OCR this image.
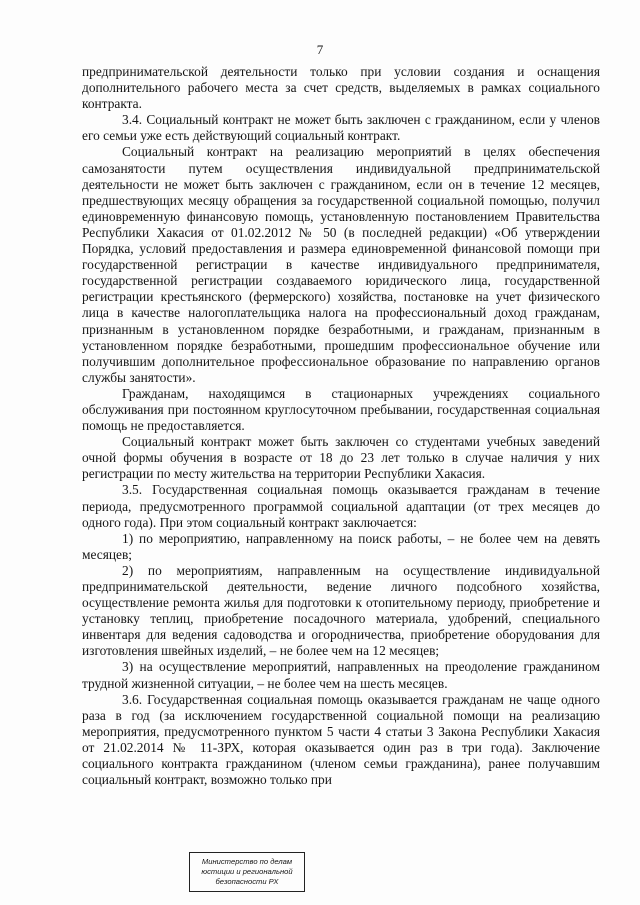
7

предпринимательской деятельности только при условии создания и оснащения дополнительного рабочего места за счет средств, выделяемых в рамках социального контракта.

3.4. Социальный контракт не может быть заключен с гражданином, если у членов его семьи уже есть действующий социальный контракт.

Социальный контракт на реализацию мероприятий в целях обеспечения самозанятости путем осуществления индивидуальной предпринимательской деятельности не может быть заключен с гражданином, если он в течение 12 месяцев, предшествующих месяцу обращения за государственной социальной помощью, получил единовременную финансовую помощь, установленную постановлением Правительства Республики Хакасия от 01.02.2012 № 50 (в последней редакции) «Об утверждении Порядка, условий предоставления и размера единовременной финансовой помощи при государственной регистрации в качестве индивидуального предпринимателя, государственной регистрации создаваемого юридического лица, государственной регистрации крестьянского (фермерского) хозяйства, постановке на учет физического лица в качестве налогоплательщика налога на профессиональный доход гражданам, признанным в установленном порядке безработными, и гражданам, признанным в установленном порядке безработными, прошедшим профессиональное обучение или получившим дополнительное профессиональное образование по направлению органов службы занятости».

Гражданам, находящимся в стационарных учреждениях социального обслуживания при постоянном круглосуточном пребывании, государственная социальная помощь не предоставляется.

Социальный контракт может быть заключен со студентами учебных заведений очной формы обучения в возрасте от 18 до 23 лет только в случае наличия у них регистрации по месту жительства на территории Республики Хакасия.

3.5. Государственная социальная помощь оказывается гражданам в течение периода, предусмотренного программой социальной адаптации (от трех месяцев до одного года). При этом социальный контракт заключается:

1) по мероприятию, направленному на поиск работы, – не более чем на девять месяцев;

2) по мероприятиям, направленным на осуществление индивидуальной предпринимательской деятельности, ведение личного подсобного хозяйства, осуществление ремонта жилья для подготовки к отопительному периоду, приобретение и установку теплиц, приобретение посадочного материала, удобрений, специального инвентаря для ведения садоводства и огородничества, приобретение оборудования для изготовления швейных изделий, – не более чем на 12 месяцев;

3) на осуществление мероприятий, направленных на преодоление гражданином трудной жизненной ситуации, – не более чем на шесть месяцев.

3.6. Государственная социальная помощь оказывается гражданам не чаще одного раза в год (за исключением государственной социальной помощи на реализацию мероприятия, предусмотренного пунктом 5 части 4 статьи 3 Закона Республики Хакасия от 21.02.2014 № 11-ЗРХ, которая оказывается один раз в три года). Заключение социального контракта гражданином (членом семьи гражданина), ранее получавшим социальный контракт, возможно только при

Министерство по делам
юстиции и региональной
безопасности РХ
